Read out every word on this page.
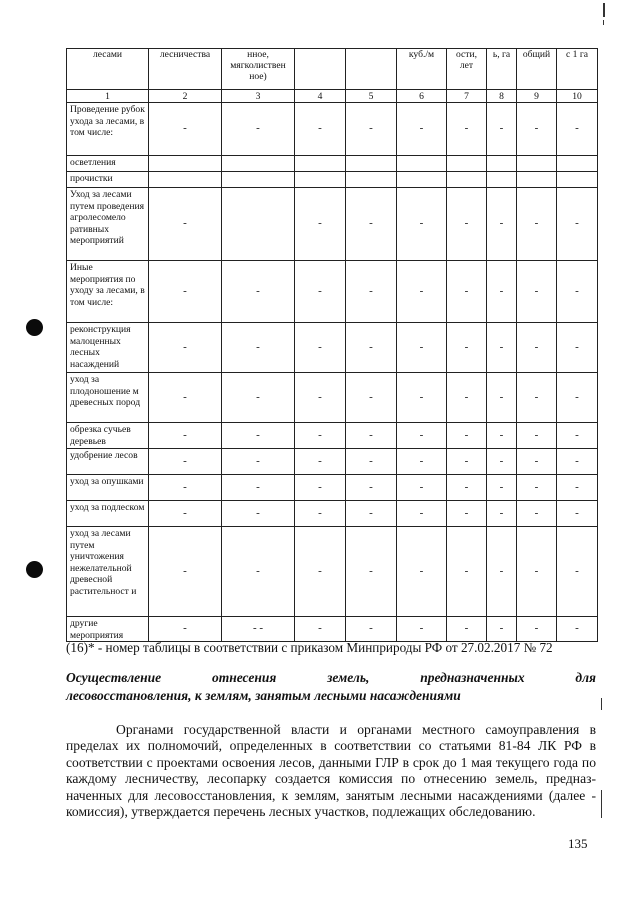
лесами	лесничества	нное, мягколиствен ное)			куб./м	ости, лет	ь, га	общий	с 1 га
1	2	3	4	5	6	7	8	9	10
Проведение рубок ухода за лесами, в том числе:	-	-	-	-	-	-	-	-	-
осветления									
прочистки									
Уход за лесами путем проведения агролесомело ративных мероприятий	-		-	-	-	-	-	-	-
Иные мероприятия по уходу за лесами, в том числе:	-	-	-	-	-	-	-	-	-
реконструкция малоценных лесных насаждений	-	-	-	-	-	-	-	-	-
уход за плодоношение м древесных пород	-	-	-	-	-	-	-	-	-
обрезка сучьев деревьев	-	-	-	-	-	-	-	-	-
удобрение лесов	-	-	-	-	-	-	-	-	-
уход за опушками	-	-	-	-	-	-	-	-	-
уход за подлеском	-	-	-	-	-	-	-	-	-
уход за лесами путем уничтожения нежелательной древесной растительност и	-	-	-	-	-	-	-	-	-
другие мероприятия	-	- -	-	-	-	-	-	-	-
(16)* - номер таблицы в соответствии с приказом Минприроды РФ от 27.02.2017 № 72
Осуществление отнесения земель, предназначенных для
лесовосстановления, к землям, занятым лесными насаждениями
Органами государственной власти и органами местного самоуправления в пределах их полномочий, определенных в соответствии со статьями 81-84 ЛК РФ в соответствии с проектами освоения лесов, данными ГЛР в срок до 1 мая текущего года по каждому лесничеству, лесопарку создается комиссия по отнесению земель, предназ-наченных для лесовосстановления, к землям, занятым лесными насаждениями (далее - комиссия), утверждается перечень лесных участков, подлежащих обследованию.
135
